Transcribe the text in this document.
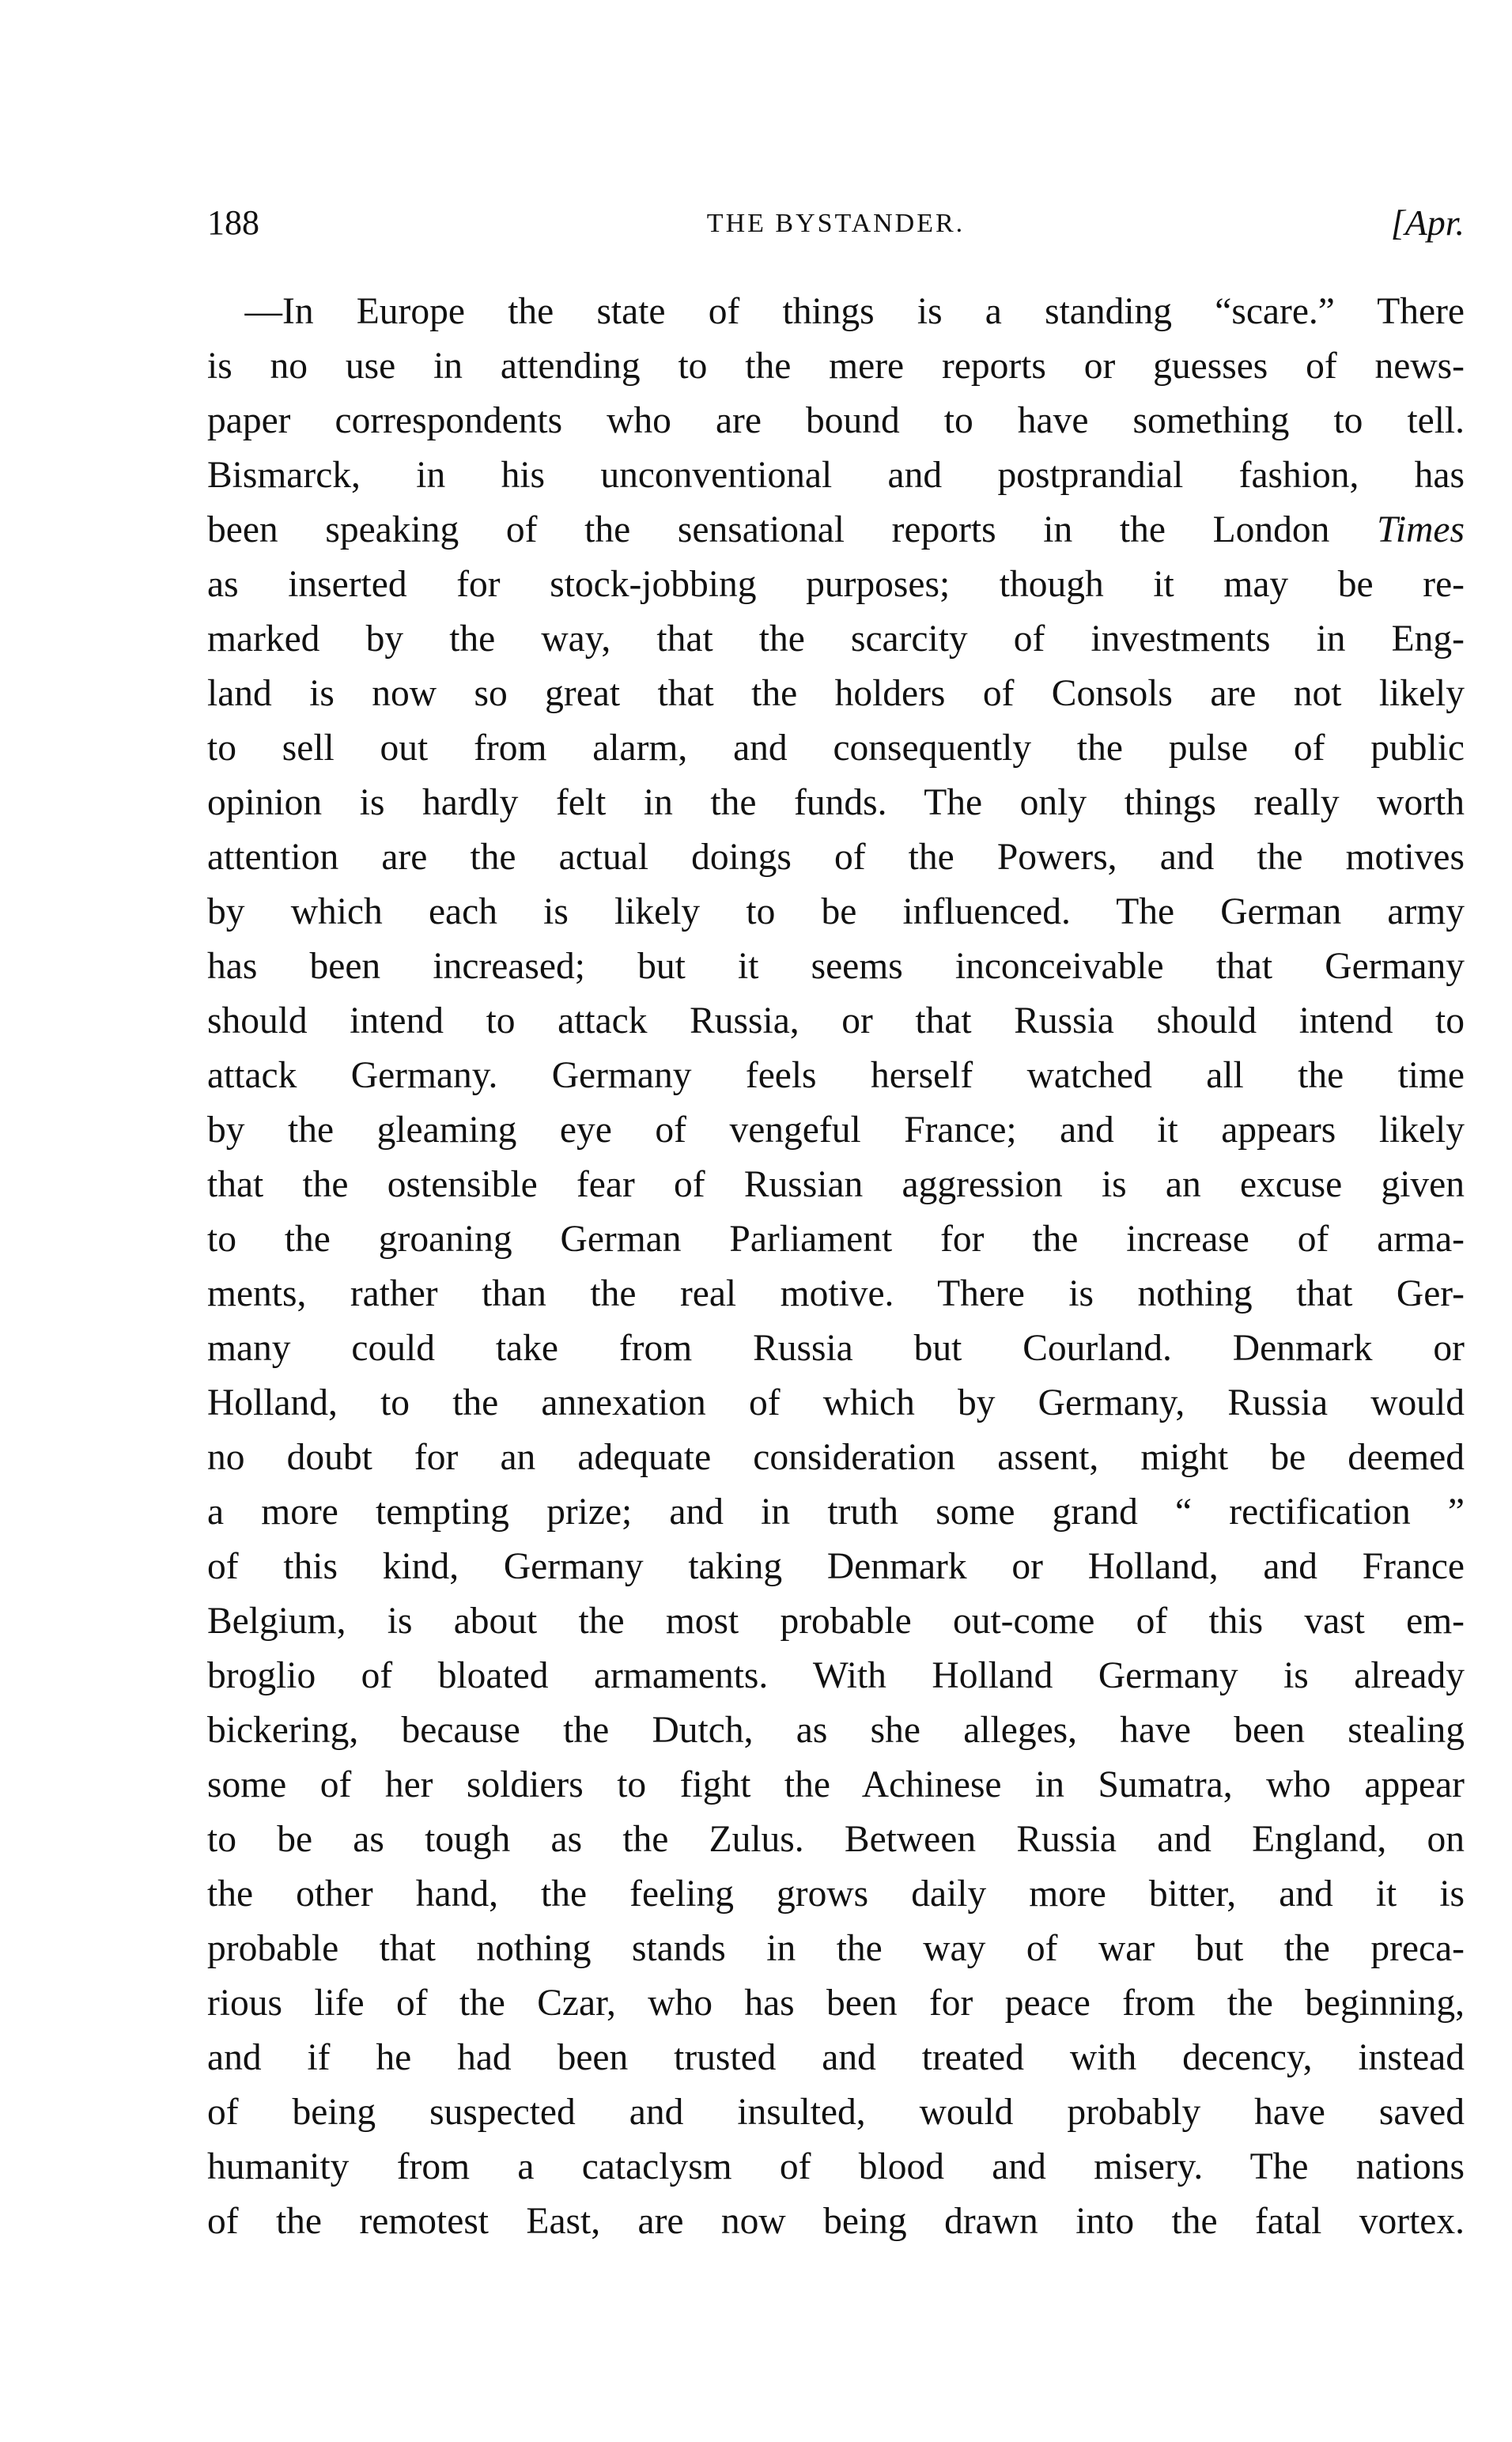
188	THE BYSTANDER.	[Apr.
 —In Europe the state of things is a standing “scare.” There
is no use in attending to the mere reports or guesses of news-
paper correspondents who are bound to have something to tell.
Bismarck, in his unconventional and postprandial fashion, has
been speaking of the sensational reports in the London Times
as inserted for stock-jobbing purposes; though it may be re-
marked by the way, that the scarcity of investments in Eng-
land is now so great that the holders of Consols are not likely
to sell out from alarm, and consequently the pulse of public
opinion is hardly felt in the funds. The only things really worth
attention are the actual doings of the Powers, and the motives
by which each is likely to be influenced. The German army
has been increased; but it seems inconceivable that Germany
should intend to attack Russia, or that Russia should intend to
attack Germany. Germany feels herself watched all the time
by the gleaming eye of vengeful France; and it appears likely
that the ostensible fear of Russian aggression is an excuse given
to the groaning German Parliament for the increase of arma-
ments, rather than the real motive. There is nothing that Ger-
many could take from Russia but Courland. Denmark or
Holland, to the annexation of which by Germany, Russia would
no doubt for an adequate consideration assent, might be deemed
a more tempting prize; and in truth some grand “ rectification ”
of this kind, Germany taking Denmark or Holland, and France
Belgium, is about the most probable out-come of this vast em-
broglio of bloated armaments. With Holland Germany is already
bickering, because the Dutch, as she alleges, have been stealing
some of her soldiers to fight the Achinese in Sumatra, who appear
to be as tough as the Zulus. Between Russia and England, on
the other hand, the feeling grows daily more bitter, and it is
probable that nothing stands in the way of war but the preca-
rious life of the Czar, who has been for peace from the beginning,
and if he had been trusted and treated with decency, instead
of being suspected and insulted, would probably have saved
humanity from a cataclysm of blood and misery. The nations
of the remotest East, are now being drawn into the fatal vortex.
